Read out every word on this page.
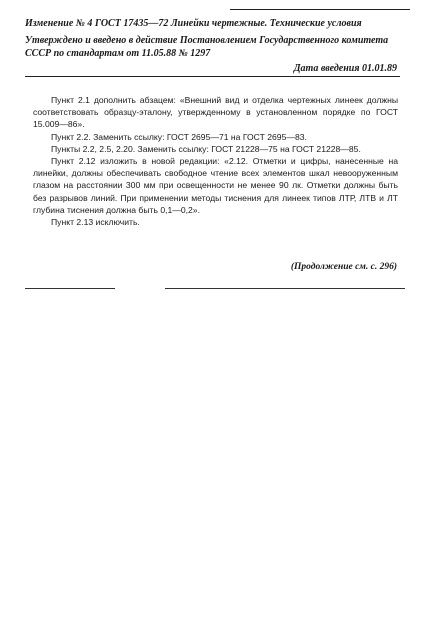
Изменение № 4 ГОСТ 17435—72 Линейки чертежные. Технические условия
Утверждено и введено в действие Постановлением Государственного комитета СССР по стандартам от 11.05.88 № 1297
Дата введения 01.01.89

Пункт 2.1 дополнить абзацем: «Внешний вид и отделка чертежных линеек должны соответствовать образцу-эталону, утвержденному в установленном порядке по ГОСТ 15.009—86».

Пункт 2.2. Заменить ссылку: ГОСТ 2695—71 на ГОСТ 2695—83.

Пункты 2.2, 2.5, 2.20. Заменить ссылку: ГОСТ 21228—75 на ГОСТ 21228—85.

Пункт 2.12 изложить в новой редакции: «2.12. Отметки и цифры, нанесенные на линейки, должны обеспечивать свободное чтение всех элементов шкал невооруженным глазом на расстоянии 300 мм при освещенности не менее 90 лк. Отметки должны быть без разрывов линий. При применении методы тиснения для линеек типов ЛТР, ЛТВ и ЛТ глубина тиснения должна быть 0,1—0,2».

Пункт 2.13 исключить.

(Продолжение см. с. 296)
